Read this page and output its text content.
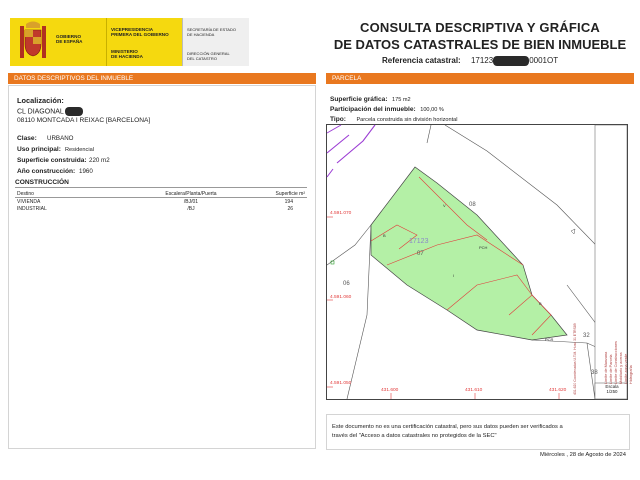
GOBIERNO
DE ESPAÑA
VICEPRESIDENCIA
PRIMERA DEL GOBIERNO
MINISTERIO
DE HACIENDA
SECRETARÍA DE ESTADO
DE HACIENDA
DIRECCIÓN GENERAL
DEL CATASTRO
CONSULTA DESCRIPTIVA Y GRÁFICA
DE DATOS CATASTRALES DE BIEN INMUEBLE
Referencia catastral: 17123	0001OT
DATOS DESCRIPTIVOS DEL INMUEBLE
Localización:
CL DIAGONAL
08110 MONTCADA I REIXAC [BARCELONA]
Clase: URBANO
Uso principal: Residencial
Superficie construida: 220 m2
Año construcción: 1960
CONSTRUCCIÓN
Destino	Escalera/Planta/Puerta	Superficie m²
VIVIENDA	/BJ/01	194
INDUSTRIAL	/BJ	26
PARCELA
Superficie gráfica: 175 m2
Participación del inmueble: 100,00 %
Tipo: Parcela construida sin división horizontal
4.591.070
4.591.060
4.591.050
431.600	431.610	431.620
17123
07
08
06
32
38
B
I
V
PCH
B
PCR
Límite de Manzana Límite de Parcela Límite de Construcciones Mobiliario y aceras Límite zona verde Hidrografía
Escala
1/250
431.620 Coordenadas U.T.M. Huso 31 ETRS89
Este documento no es una certificación catastral, pero sus datos pueden ser verificados a
través del "Acceso a datos catastrales no protegidos de la SEC"
Miércoles , 28 de Agosto de 2024
